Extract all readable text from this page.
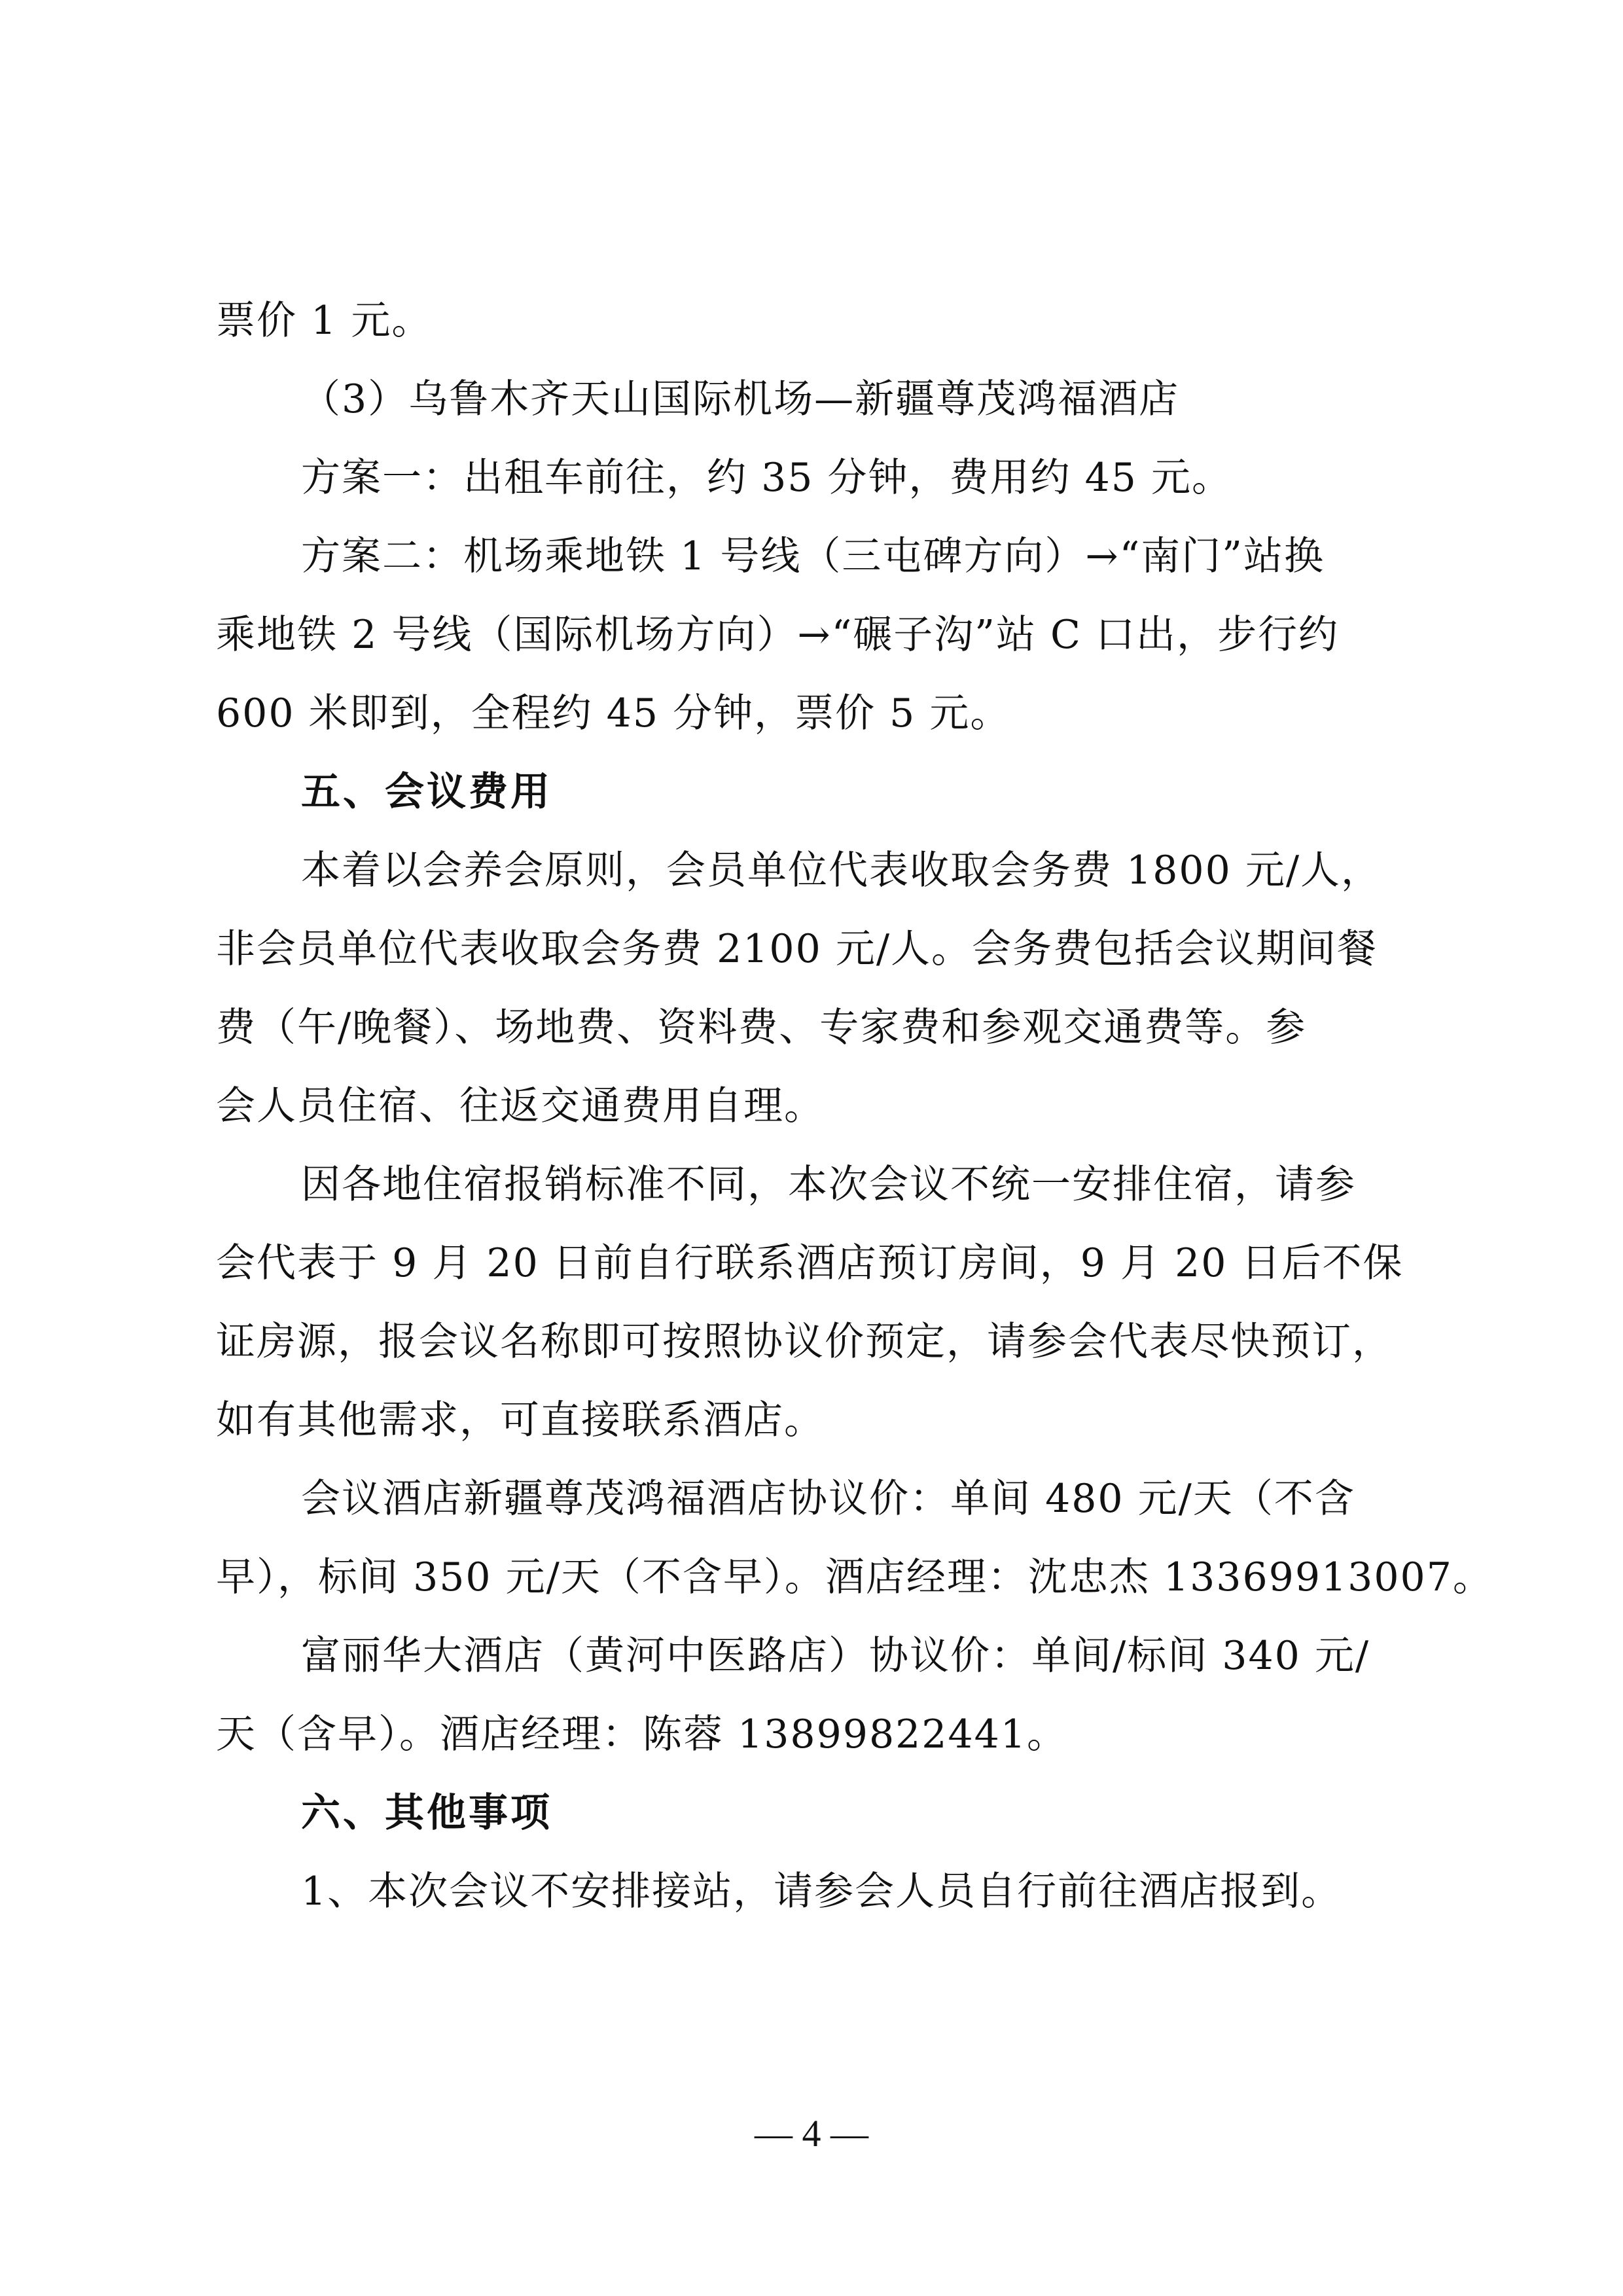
票价 1 元。
（3）乌鲁木齐天山国际机场—新疆尊茂鸿福酒店
方案一：出租车前往，约 35 分钟，费用约 45 元。
方案二：机场乘地铁 1 号线（三屯碑方向）→“南门”站换
乘地铁 2 号线（国际机场方向）→“碾子沟”站 C 口出，步行约
600 米即到，全程约 45 分钟，票价 5 元。
五、会议费用
本着以会养会原则，会员单位代表收取会务费 1800 元/人，
非会员单位代表收取会务费 2100 元/人。会务费包括会议期间餐
费（午/晚餐）、场地费、资料费、专家费和参观交通费等。参
会人员住宿、往返交通费用自理。
因各地住宿报销标准不同，本次会议不统一安排住宿，请参
会代表于 9 月 20 日前自行联系酒店预订房间，9 月 20 日后不保
证房源，报会议名称即可按照协议价预定，请参会代表尽快预订，
如有其他需求，可直接联系酒店。
会议酒店新疆尊茂鸿福酒店协议价：单间 480 元/天（不含
早），标间 350 元/天（不含早）。酒店经理：沈忠杰 13369913007。
富丽华大酒店（黄河中医路店）协议价：单间/标间 340 元/
天（含早）。酒店经理：陈蓉 13899822441。
六、其他事项
1、本次会议不安排接站，请参会人员自行前往酒店报到。
— 4 —
